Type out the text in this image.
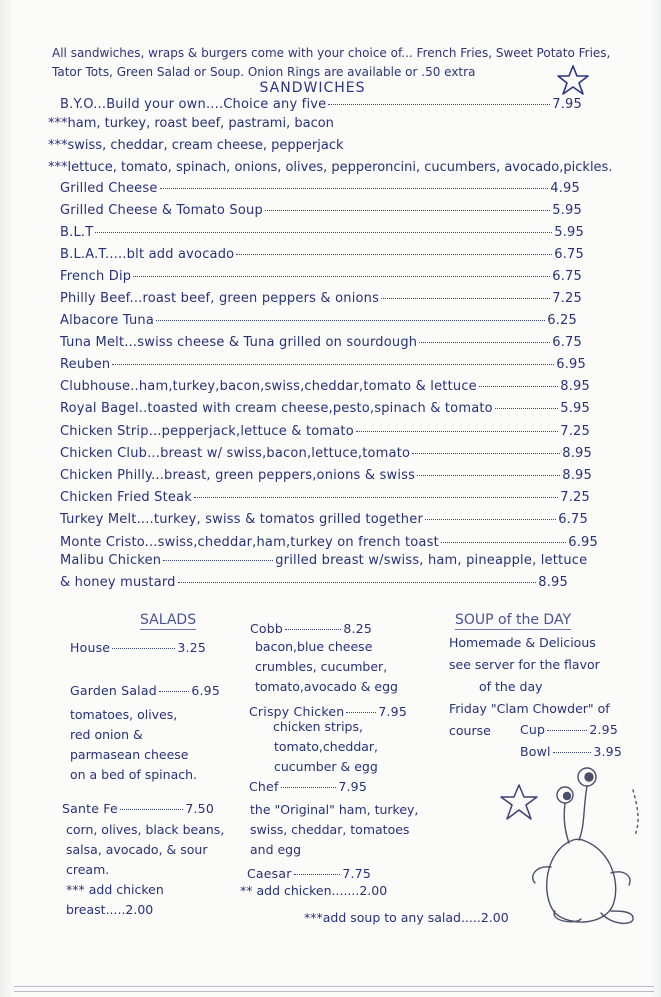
All sandwiches, wraps & burgers come with your choice of... French Fries, Sweet Potato Fries,
Tator Tots, Green Salad or Soup. Onion Rings are available or .50 extra
SANDWICHES
B.Y.O...Build your own....Choice any five	7.95
***ham, turkey, roast beef, pastrami, bacon
***swiss, cheddar, cream cheese, pepperjack
***lettuce, tomato, spinach, onions, olives, pepperoncini, cucumbers, avocado,pickles.
Grilled Cheese	4.95
Grilled Cheese & Tomato Soup	5.95
B.L.T	5.95
B.L.A.T.....blt add avocado	6.75
French Dip	6.75
Philly Beef...roast beef, green peppers & onions	7.25
Albacore Tuna	6.25
Tuna Melt...swiss cheese & Tuna grilled on sourdough	6.75
Reuben	6.95
Clubhouse..ham,turkey,bacon,swiss,cheddar,tomato & lettuce	8.95
Royal Bagel..toasted with cream cheese,pesto,spinach & tomato	5.95
Chicken Strip...pepperjack,lettuce & tomato	7.25
Chicken Club...breast w/ swiss,bacon,lettuce,tomato	8.95
Chicken Philly...breast, green peppers,onions & swiss	8.95
Chicken Fried Steak	7.25
Turkey Melt....turkey, swiss & tomatos grilled together	6.75
Monte Cristo...swiss,cheddar,ham,turkey on french toast	6.95
Malibu Chicken	grilled breast w/swiss, ham, pineapple, lettuce
& honey mustard	8.95
SALADS
House	3.25
Garden Salad	6.95
tomatoes, olives,
red onion &
parmasean cheese
on a bed of spinach.
Sante Fe	7.50
corn, olives, black beans,
salsa, avocado, & sour
cream.
*** add chicken
breast.....2.00
Cobb	8.25
bacon,blue cheese
crumbles, cucumber,
tomato,avocado & egg
Crispy Chicken	7.95
chicken strips,
tomato,cheddar,
cucumber & egg
Chef	7.95
the "Original" ham, turkey,
swiss, cheddar, tomatoes
and egg
Caesar	7.75
** add chicken.......2.00
***add soup to any salad.....2.00
SOUP of the DAY
Homemade & Delicious
see server for the flavor
of the day
Friday "Clam Chowder" of
course	Cup	2.95
Bowl	3.95
